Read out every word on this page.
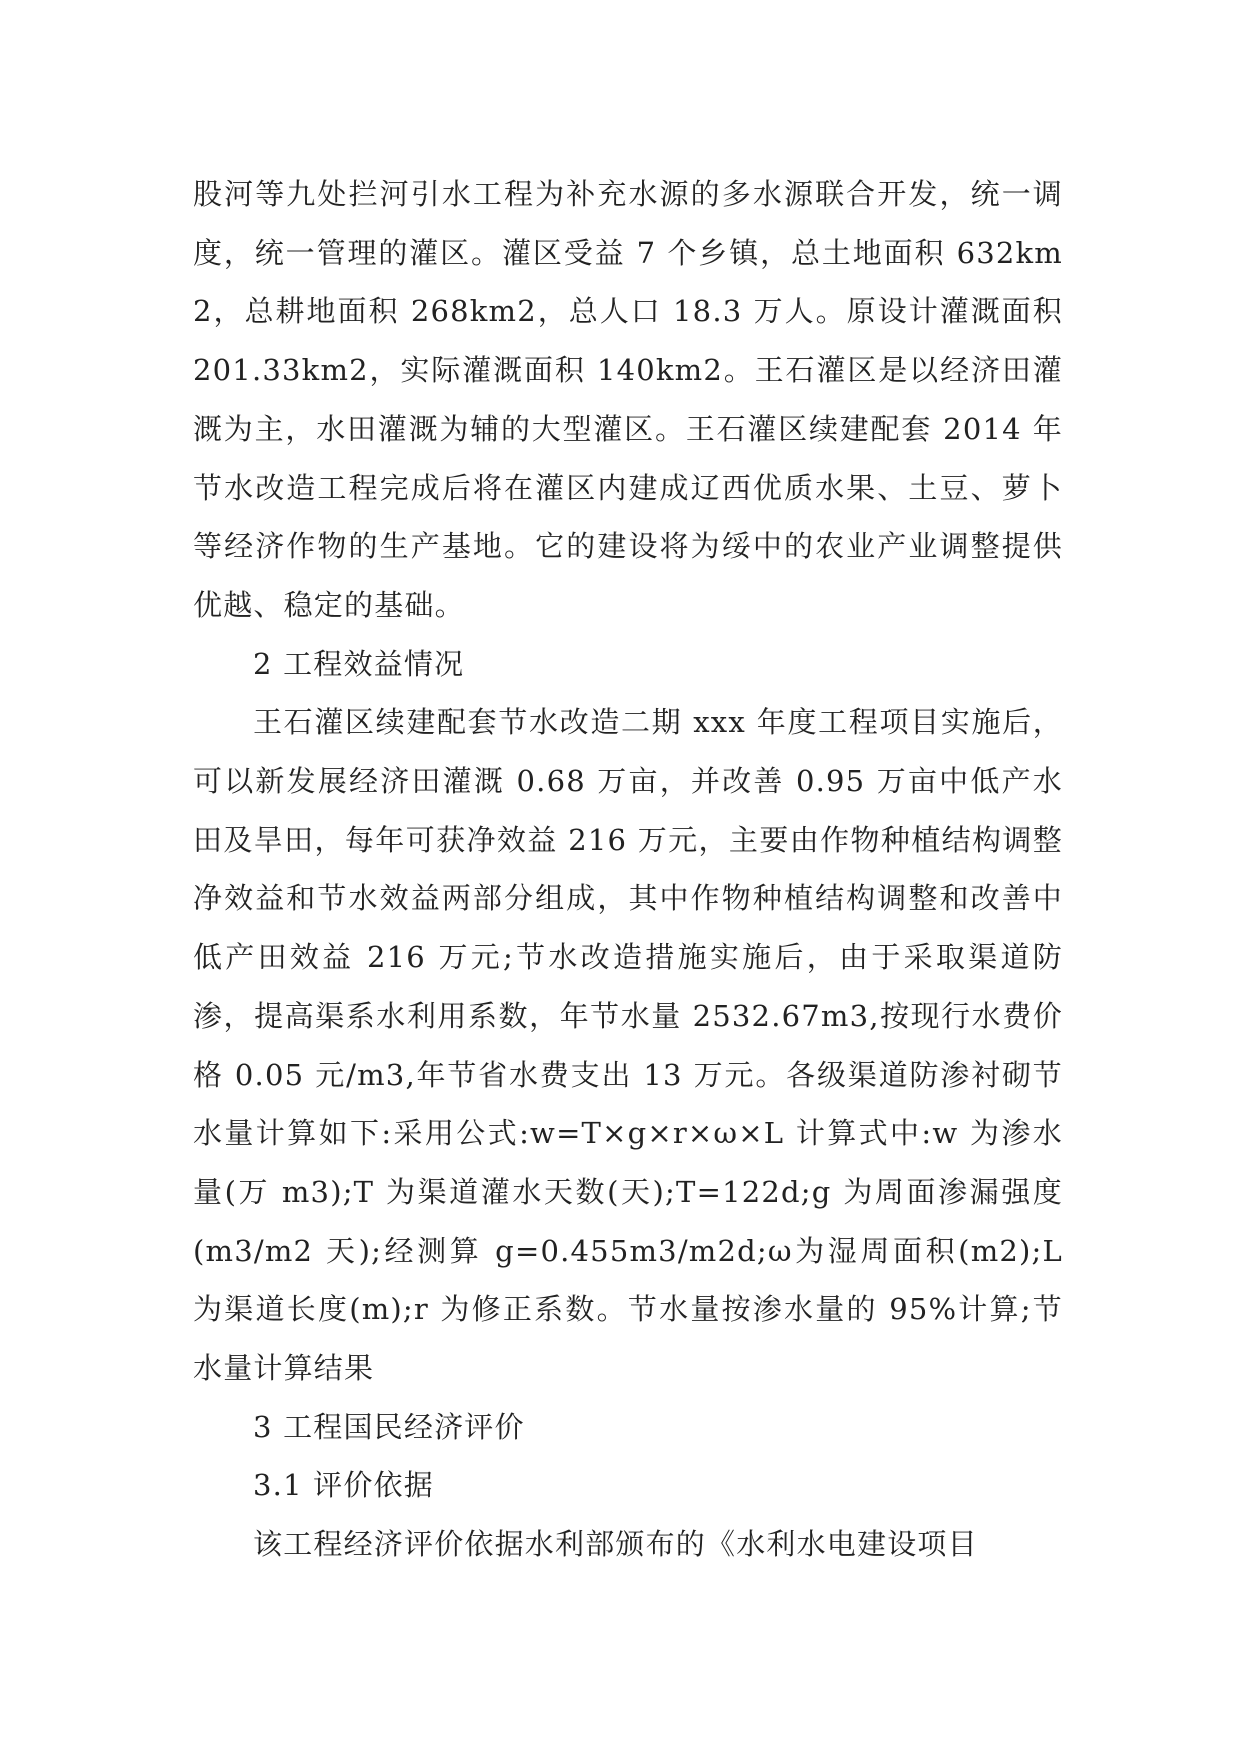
股河等九处拦河引水工程为补充水源的多水源联合开发，统一调度，统一管理的灌区。灌区受益 7 个乡镇，总土地面积 632km2，总耕地面积 268km2，总人口 18.3 万人。原设计灌溉面积 201.33km2，实际灌溉面积 140km2。王石灌区是以经济田灌溉为主，水田灌溉为辅的大型灌区。王石灌区续建配套 2014 年节水改造工程完成后将在灌区内建成辽西优质水果、土豆、萝卜等经济作物的生产基地。它的建设将为绥中的农业产业调整提供优越、稳定的基础。

2 工程效益情况

王石灌区续建配套节水改造二期 xxx 年度工程项目实施后，可以新发展经济田灌溉 0.68 万亩，并改善 0.95 万亩中低产水田及旱田，每年可获净效益 216 万元，主要由作物种植结构调整净效益和节水效益两部分组成，其中作物种植结构调整和改善中低产田效益 216 万元;节水改造措施实施后，由于采取渠道防渗，提高渠系水利用系数，年节水量 2532.67m3,按现行水费价格 0.05 元/m3,年节省水费支出 13 万元。各级渠道防渗衬砌节水量计算如下:采用公式:w=T×g×r×ω×L 计算式中:w 为渗水量(万 m3);T 为渠道灌水天数(天);T=122d;g 为周面渗漏强度(m3/m2 天);经测算 g=0.455m3/m2d;ω为湿周面积(m2);L 为渠道长度(m);r 为修正系数。节水量按渗水量的 95%计算;节水量计算结果

3 工程国民经济评价

3.1 评价依据

该工程经济评价依据水利部颁布的《水利水电建设项目
